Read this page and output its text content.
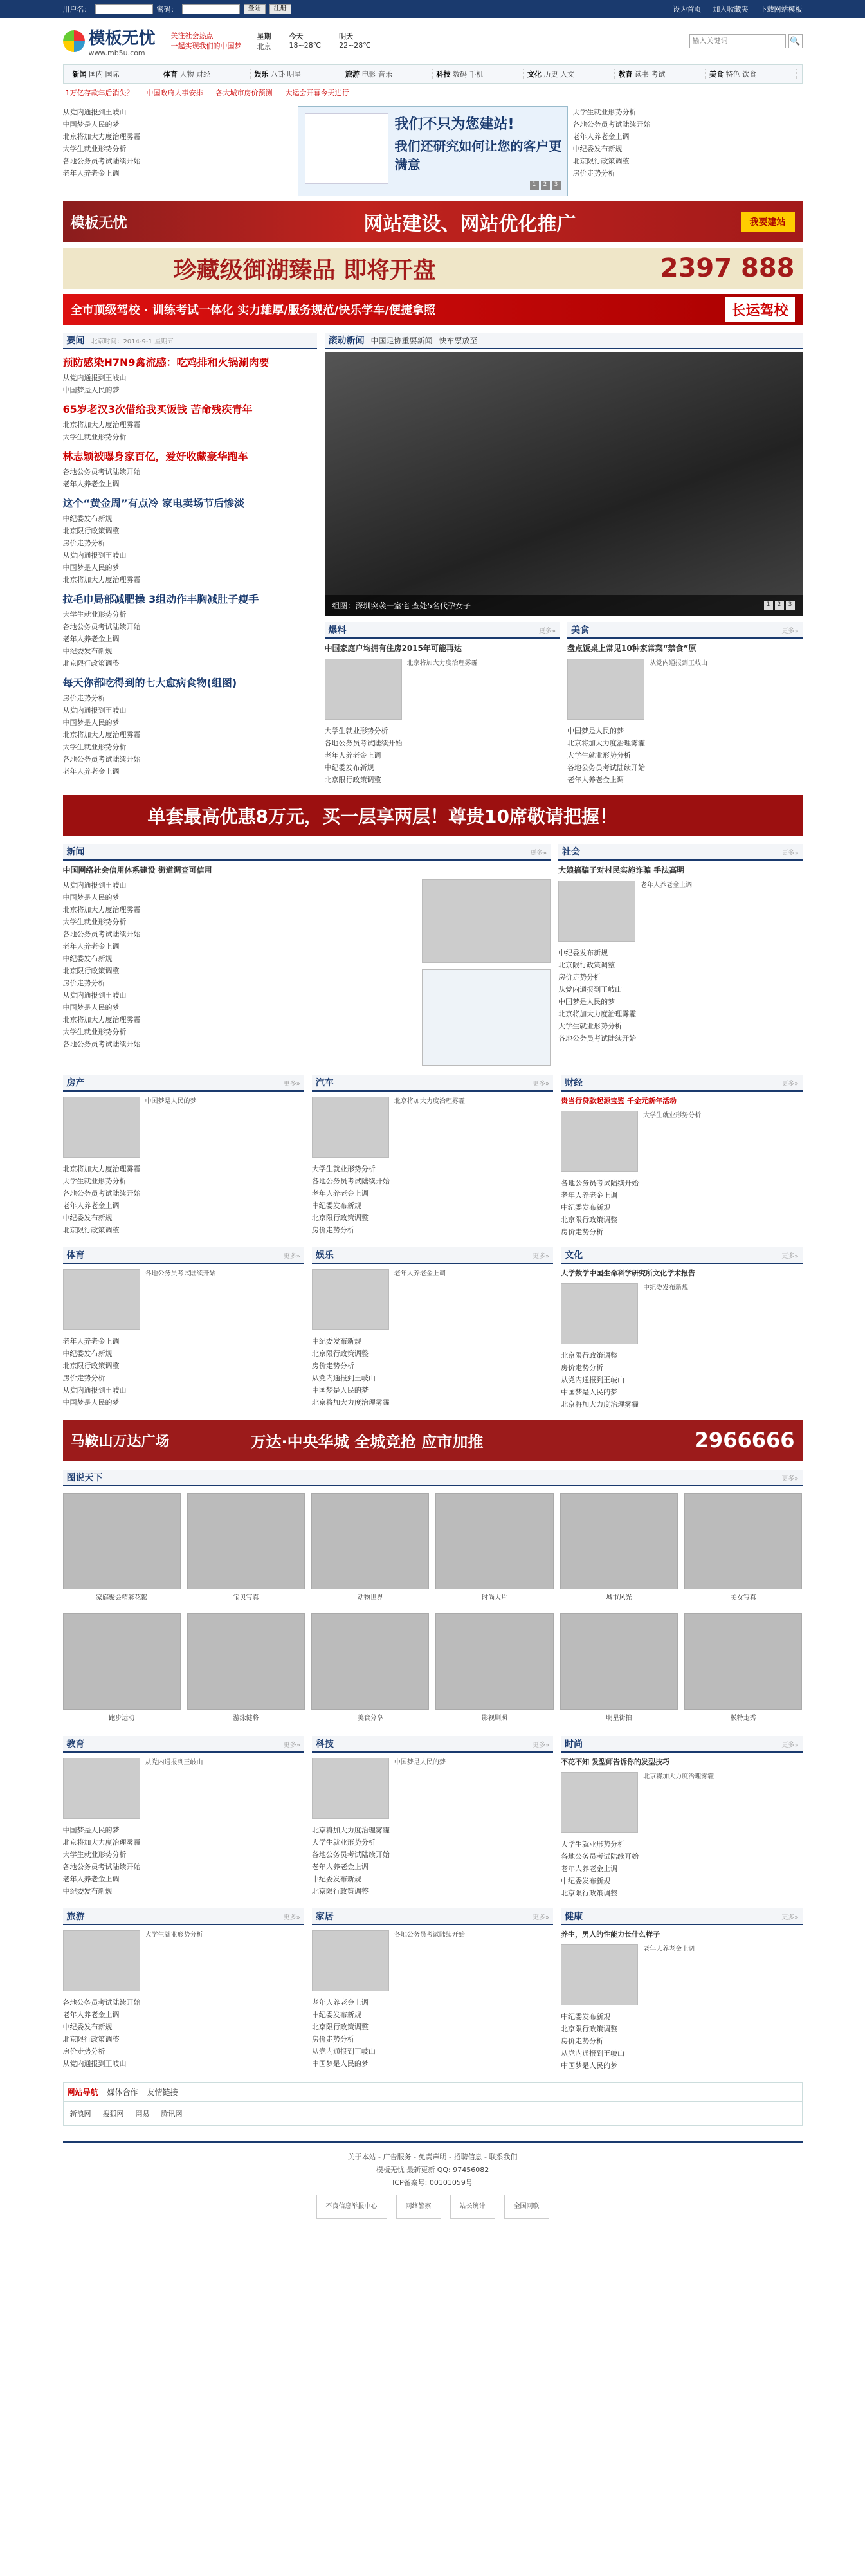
用户名：	密码：	登陆	注册	设为首页 加入收藏夹 下载网站模板
模板无忧
www.mb5u.com
关注社会热点
一起实现我们的中国梦
星期
北京
今天
18~28℃
明天
22~28℃
输入关键词	🔍
新闻 国内 国际	体育 人物 财经	娱乐 八卦 明星	旅游 电影 音乐	科技 数码 手机	文化 历史 人文	教育 读书 考试	美食 特色 饮食
1万亿存款年后消失？ 中国政府人事安排 各大城市房价预测 大运会开幕今天进行
从党内通报到王岐山
中国梦是人民的梦
北京将加大力度治理雾霾
大学生就业形势分析
各地公务员考试陆续开始
老年人养老金上调
我们不只为您建站!
我们还研究如何让您的客户更满意
1	2	3
大学生就业形势分析
各地公务员考试陆续开始
老年人养老金上调
中纪委发布新规
北京限行政策调整
房价走势分析
模板无忧	网站建设、网站优化推广	我要建站
珍藏级御湖臻品 即将开盘	2397 888
全市顶级驾校 · 训练考试一体化 实力雄厚/服务规范/快乐学车/便捷拿照	长运驾校
要闻 北京时间：2014-9-1 星期五
预防感染H7N9禽流感：吃鸡排和火锅涮肉要
从党内通报到王岐山
中国梦是人民的梦
65岁老汉3次借给我买饭钱 苦命残疾青年
北京将加大力度治理雾霾
大学生就业形势分析
林志颖被曝身家百亿，爱好收藏豪华跑车
各地公务员考试陆续开始
老年人养老金上调
这个“黄金周”有点冷 家电卖场节后惨淡
中纪委发布新规
北京限行政策调整
房价走势分析
从党内通报到王岐山
中国梦是人民的梦
北京将加大力度治理雾霾
拉毛巾局部减肥操 3组动作丰胸减肚子瘦手
大学生就业形势分析
各地公务员考试陆续开始
老年人养老金上调
中纪委发布新规
北京限行政策调整
每天你都吃得到的七大愈病食物(组图)
房价走势分析
从党内通报到王岐山
中国梦是人民的梦
北京将加大力度治理雾霾
大学生就业形势分析
各地公务员考试陆续开始
老年人养老金上调
滚动新闻 中国足协重要新闻 快车票放至
组图：深圳突袭一室宅 查处5名代孕女子	1	2	3
爆料	更多»
中国家庭户均拥有住房2015年可能再达
北京将加大力度治理雾霾
大学生就业形势分析
各地公务员考试陆续开始
老年人养老金上调
中纪委发布新规
北京限行政策调整
美食	更多»
盘点饭桌上常见10种家常菜“禁食”原
从党内通报到王岐山
中国梦是人民的梦
北京将加大力度治理雾霾
大学生就业形势分析
各地公务员考试陆续开始
老年人养老金上调
单套最高优惠8万元，买一层享两层！尊贵10席敬请把握！
新闻	更多»
中国网络社会信用体系建设 街道调查可信用
从党内通报到王岐山
中国梦是人民的梦
北京将加大力度治理雾霾
大学生就业形势分析
各地公务员考试陆续开始
老年人养老金上调
中纪委发布新规
北京限行政策调整
房价走势分析
从党内通报到王岐山
中国梦是人民的梦
北京将加大力度治理雾霾
大学生就业形势分析
各地公务员考试陆续开始
社会	更多»
大娘搞骗子对村民实施诈骗 手法高明
老年人养老金上调
中纪委发布新规
北京限行政策调整
房价走势分析
从党内通报到王岐山
中国梦是人民的梦
北京将加大力度治理雾霾
大学生就业形势分析
各地公务员考试陆续开始
房产	更多»
中国梦是人民的梦
北京将加大力度治理雾霾
大学生就业形势分析
各地公务员考试陆续开始
老年人养老金上调
中纪委发布新规
北京限行政策调整
汽车	更多»
北京将加大力度治理雾霾
大学生就业形势分析
各地公务员考试陆续开始
老年人养老金上调
中纪委发布新规
北京限行政策调整
房价走势分析
财经	更多»
贵当行贷款起源宝鉴 千金元新年活动
大学生就业形势分析
各地公务员考试陆续开始
老年人养老金上调
中纪委发布新规
北京限行政策调整
房价走势分析
体育	更多»
各地公务员考试陆续开始
老年人养老金上调
中纪委发布新规
北京限行政策调整
房价走势分析
从党内通报到王岐山
中国梦是人民的梦
娱乐	更多»
老年人养老金上调
中纪委发布新规
北京限行政策调整
房价走势分析
从党内通报到王岐山
中国梦是人民的梦
北京将加大力度治理雾霾
文化	更多»
大学数学中国生命科学研究所文化学术报告
中纪委发布新规
北京限行政策调整
房价走势分析
从党内通报到王岐山
中国梦是人民的梦
北京将加大力度治理雾霾
马鞍山万达广场	万达·中央华城 全城竞抢 应市加推	2966666
图说天下	更多»
家庭聚会精彩花絮	宝贝写真	动物世界	时尚大片	城市风光	美女写真
跑步运动	游泳健将	美食分享	影视剧照	明星街拍	模特走秀
教育	更多»
从党内通报到王岐山
中国梦是人民的梦
北京将加大力度治理雾霾
大学生就业形势分析
各地公务员考试陆续开始
老年人养老金上调
中纪委发布新规
科技	更多»
中国梦是人民的梦
北京将加大力度治理雾霾
大学生就业形势分析
各地公务员考试陆续开始
老年人养老金上调
中纪委发布新规
北京限行政策调整
时尚	更多»
不花不知 发型师告诉你的发型技巧
北京将加大力度治理雾霾
大学生就业形势分析
各地公务员考试陆续开始
老年人养老金上调
中纪委发布新规
北京限行政策调整
旅游	更多»
大学生就业形势分析
各地公务员考试陆续开始
老年人养老金上调
中纪委发布新规
北京限行政策调整
房价走势分析
从党内通报到王岐山
家居	更多»
各地公务员考试陆续开始
老年人养老金上调
中纪委发布新规
北京限行政策调整
房价走势分析
从党内通报到王岐山
中国梦是人民的梦
健康	更多»
养生，男人的性能力长什么样子
老年人养老金上调
中纪委发布新规
北京限行政策调整
房价走势分析
从党内通报到王岐山
中国梦是人民的梦
网站导航 媒体合作 友情链接
新浪网 搜狐网 网易 腾讯网
关于本站 - 广告服务 - 免责声明 - 招聘信息 - 联系我们
模板无忧 最新更新 QQ: 97456082
ICP备案号: 00101059号
不良信息举报中心	网络警察	站长统计	全国网联
